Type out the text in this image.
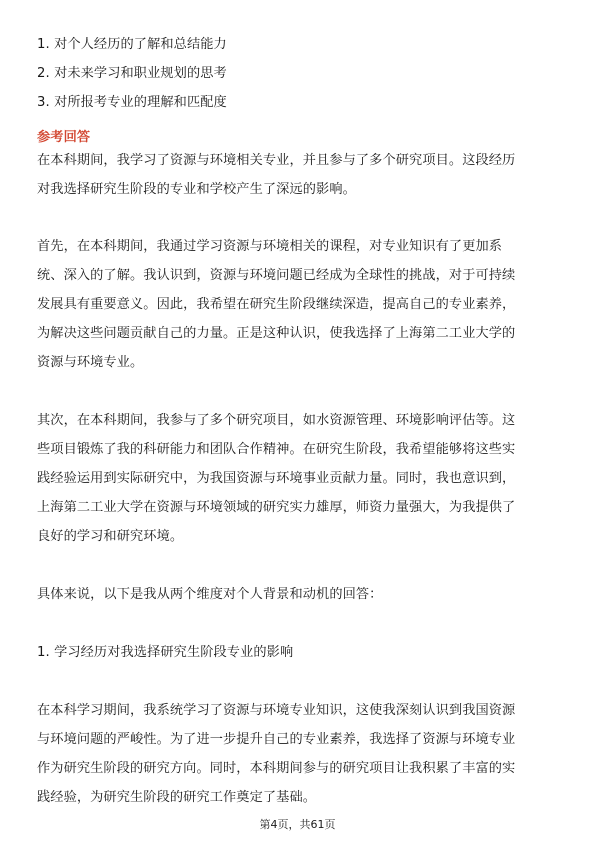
1. 对个人经历的了解和总结能力
2. 对未来学习和职业规划的思考
3. 对所报考专业的理解和匹配度
参考回答
在本科期间，我学习了资源与环境相关专业，并且参与了多个研究项目。这段经历
对我选择研究生阶段的专业和学校产生了深远的影响。
首先，在本科期间，我通过学习资源与环境相关的课程，对专业知识有了更加系
统、深入的了解。我认识到，资源与环境问题已经成为全球性的挑战，对于可持续
发展具有重要意义。因此，我希望在研究生阶段继续深造，提高自己的专业素养，
为解决这些问题贡献自己的力量。正是这种认识，使我选择了上海第二工业大学的
资源与环境专业。
其次，在本科期间，我参与了多个研究项目，如水资源管理、环境影响评估等。这
些项目锻炼了我的科研能力和团队合作精神。在研究生阶段，我希望能够将这些实
践经验运用到实际研究中，为我国资源与环境事业贡献力量。同时，我也意识到，
上海第二工业大学在资源与环境领域的研究实力雄厚，师资力量强大，为我提供了
良好的学习和研究环境。
具体来说，以下是我从两个维度对个人背景和动机的回答：
1. 学习经历对我选择研究生阶段专业的影响
在本科学习期间，我系统学习了资源与环境专业知识，这使我深刻认识到我国资源
与环境问题的严峻性。为了进一步提升自己的专业素养，我选择了资源与环境专业
作为研究生阶段的研究方向。同时，本科期间参与的研究项目让我积累了丰富的实
践经验，为研究生阶段的研究工作奠定了基础。
第4页，共61页
